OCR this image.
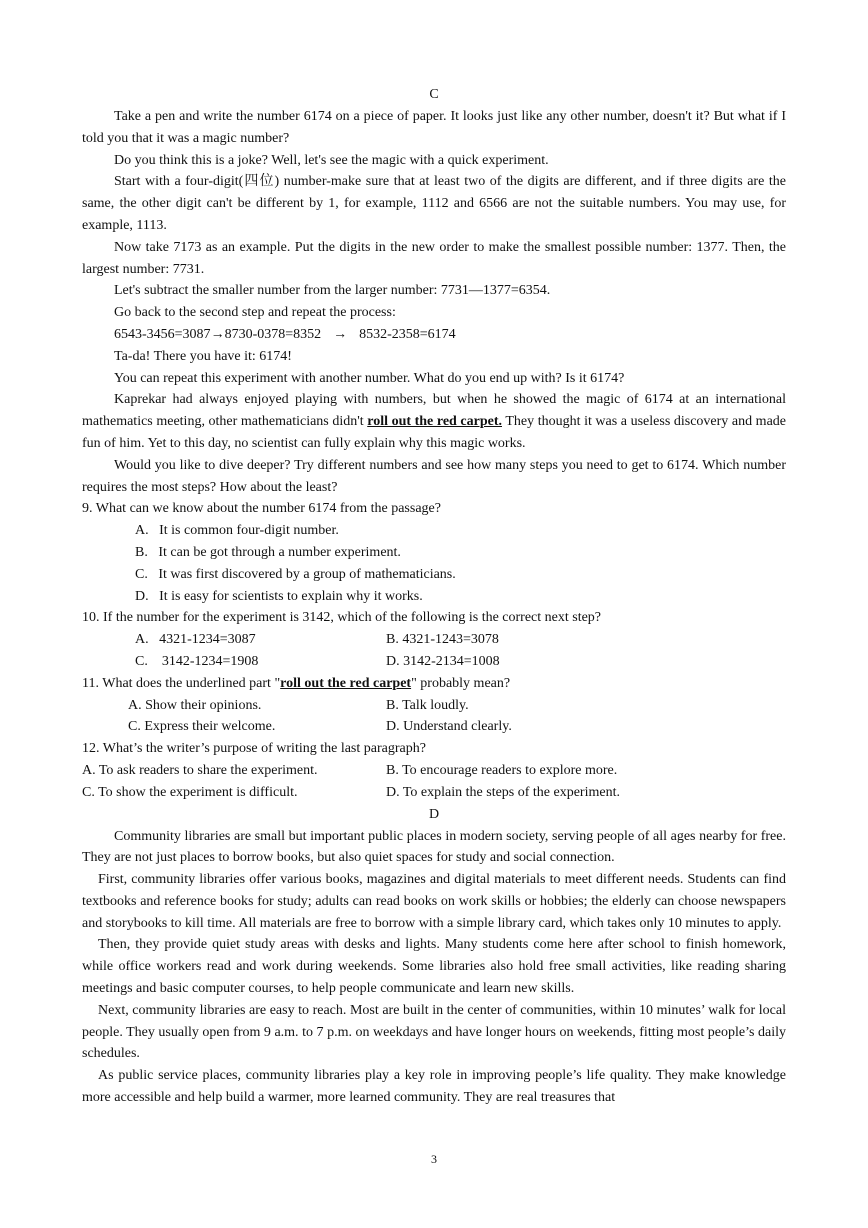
C

Take a pen and write the number 6174 on a piece of paper. It looks just like any other number, doesn't it? But what if I told you that it was a magic number?

Do you think this is a joke? Well, let's see the magic with a quick experiment.

Start with a four-digit(四位) number-make sure that at least two of the digits are different, and if three digits are the same, the other digit can't be different by 1, for example, 1112 and 6566 are not the suitable numbers. You may use, for example, 1113.

Now take 7173 as an example. Put the digits in the new order to make the smallest possible number: 1377. Then, the largest number: 7731.

Let's subtract the smaller number from the larger number: 7731—1377=6354.

Go back to the second step and repeat the process:

6543-3456=3087→8730-0378=8352 → 8532-2358=6174

Ta-da! There you have it: 6174!

You can repeat this experiment with another number. What do you end up with? Is it 6174?

Kaprekar had always enjoyed playing with numbers, but when he showed the magic of 6174 at an international mathematics meeting, other mathematicians didn't roll out the red carpet. They thought it was a useless discovery and made fun of him. Yet to this day, no scientist can fully explain why this magic works.

Would you like to dive deeper? Try different numbers and see how many steps you need to get to 6174. Which number requires the most steps? How about the least?

9. What can we know about the number 6174 from the passage?
A.   It is common four-digit number.
B.   It can be got through a number experiment.
C.   It was first discovered by a group of mathematicians.
D.   It is easy for scientists to explain why it works.
10. If the number for the experiment is 3142, which of the following is the correct next step?
A.   4321-1234=3087	B. 4321-1243=3078
C.    3142-1234=1908	D. 3142-2134=1008
11. What does the underlined part "roll out the red carpet" probably mean?
A. Show their opinions.	B. Talk loudly.
C. Express their welcome.	D. Understand clearly.
12. What’s the writer’s purpose of writing the last paragraph?
A. To ask readers to share the experiment.	B. To encourage readers to explore more.
C. To show the experiment is difficult.	D. To explain the steps of the experiment.
D

Community libraries are small but important public places in modern society, serving people of all ages nearby for free. They are not just places to borrow books, but also quiet spaces for study and social connection.

First, community libraries offer various books, magazines and digital materials to meet different needs. Students can find textbooks and reference books for study; adults can read books on work skills or hobbies; the elderly can choose newspapers and storybooks to kill time. All materials are free to borrow with a simple library card, which takes only 10 minutes to apply.

Then, they provide quiet study areas with desks and lights. Many students come here after school to finish homework, while office workers read and work during weekends. Some libraries also hold free small activities, like reading sharing meetings and basic computer courses, to help people communicate and learn new skills.

Next, community libraries are easy to reach. Most are built in the center of communities, within 10 minutes’ walk for local people. They usually open from 9 a.m. to 7 p.m. on weekdays and have longer hours on weekends, fitting most people’s daily schedules.

As public service places, community libraries play a key role in improving people’s life quality. They make knowledge more accessible and help build a warmer, more learned community. They are real treasures that

3
